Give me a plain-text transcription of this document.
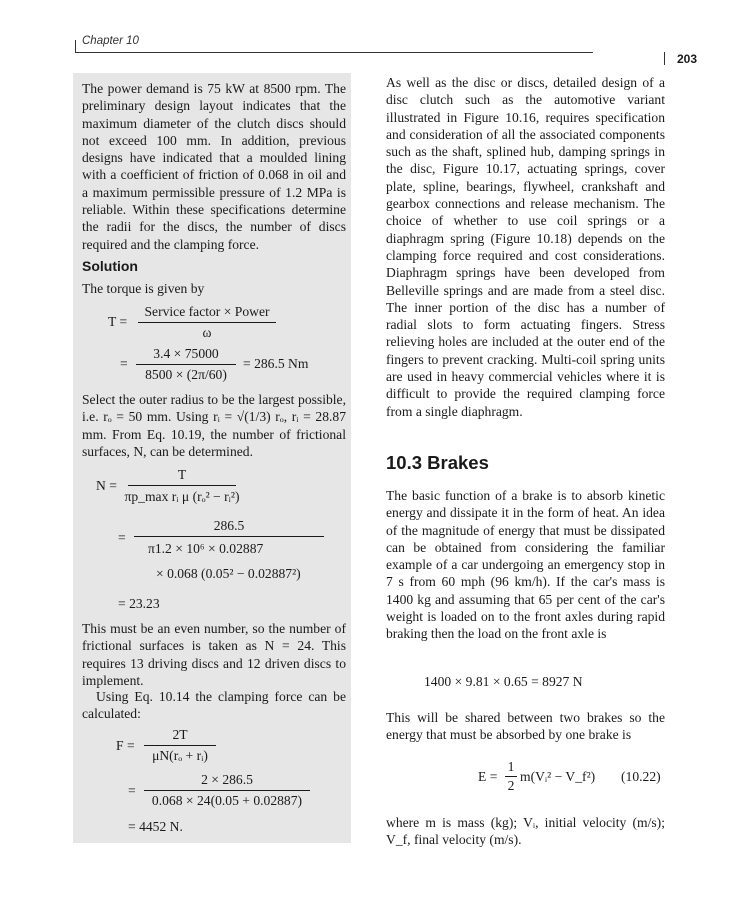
Chapter 10
203

The power demand is 75 kW at 8500 rpm. The preliminary design layout indicates that the maximum diameter of the clutch discs should not exceed 100 mm. In addition, previous designs have indicated that a moulded lining with a coefficient of friction of 0.068 in oil and a maximum permissible pressure of 1.2 MPa is reliable. Within these specifications determine the radii for the discs, the number of discs required and the clamping force.

Solution
The torque is given by
T =
Service factor × Power
ω
=
3.4 × 75000
8500 × (2π/60)
= 286.5 Nm
Select the outer radius to be the largest possible, i.e. rₒ = 50 mm. Using rᵢ = √(1/3) rₒ, rᵢ = 28.87 mm. From Eq. 10.19, the number of frictional surfaces, N, can be determined.
N =
T
πp_max rᵢ μ (rₒ² − rᵢ²)
=
286.5
π1.2 × 10⁶ × 0.02887
× 0.068 (0.05² − 0.02887²)
= 23.23
This must be an even number, so the number of frictional surfaces is taken as N = 24. This requires 13 driving discs and 12 driven discs to implement.
Using Eq. 10.14 the clamping force can be calculated:
F =
2T
μN(rₒ + rᵢ)
=
2 × 286.5
0.068 × 24(0.05 + 0.02887)
= 4452 N.
As well as the disc or discs, detailed design of a disc clutch such as the automotive variant illustrated in Figure 10.16, requires specification and consideration of all the associated components such as the shaft, splined hub, damping springs in the disc, Figure 10.17, actuating springs, cover plate, spline, bearings, flywheel, crankshaft and gearbox connections and release mechanism. The choice of whether to use coil springs or a diaphragm spring (Figure 10.18) depends on the clamping force required and cost considerations. Diaphragm springs have been developed from Belleville springs and are made from a steel disc. The inner portion of the disc has a number of radial slots to form actuating fingers. Stress relieving holes are included at the outer end of the fingers to prevent cracking. Multi-coil spring units are used in heavy commercial vehicles where it is difficult to provide the required clamping force from a single diaphragm.
10.3 Brakes
The basic function of a brake is to absorb kinetic energy and dissipate it in the form of heat. An idea of the magnitude of energy that must be dissipated can be obtained from considering the familiar example of a car undergoing an emergency stop in 7 s from 60 mph (96 km/h). If the car's mass is 1400 kg and assuming that 65 per cent of the car's weight is loaded on to the front axles during rapid braking then the load on the front axle is
1400 × 9.81 × 0.65 = 8927 N
This will be shared between two brakes so the energy that must be absorbed by one brake is
E =
1
2
m(Vᵢ² − V_f²) (10.22)
where m is mass (kg); Vᵢ, initial velocity (m/s); V_f, final velocity (m/s).
